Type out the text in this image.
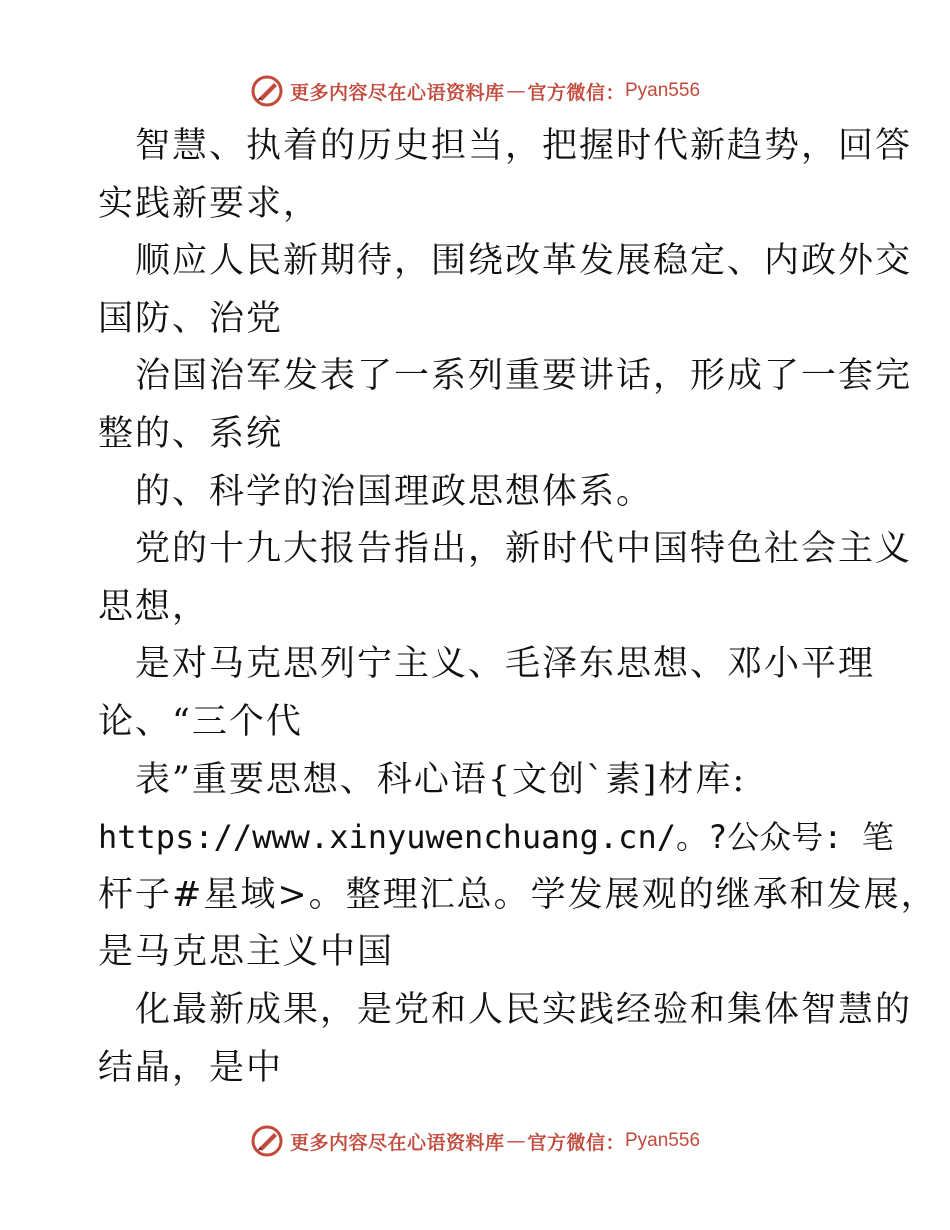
更多内容尽在心语资料库 — 官方微信： Pyan556
智慧、执着的历史担当，把握时代新趋势，回答
实践新要求，
顺应人民新期待，围绕改革发展稳定、内政外交
国防、治党
治国治军发表了一系列重要讲话，形成了一套完
整的、系统
的、科学的治国理政思想体系。
党的十九大报告指出，新时代中国特色社会主义
思想，
是对马克思列宁主义、毛泽东思想、邓小平理
论、“三个代
表”重要思想、科心语{文创`素]材库:
https://www.xinyuwenchuang.cn/。?公众号: 笔
杆子#星域>。整理汇总。学发展观的继承和发展，
是马克思主义中国
化最新成果，是党和人民实践经验和集体智慧的
结晶，是中
更多内容尽在心语资料库 — 官方微信： Pyan556
